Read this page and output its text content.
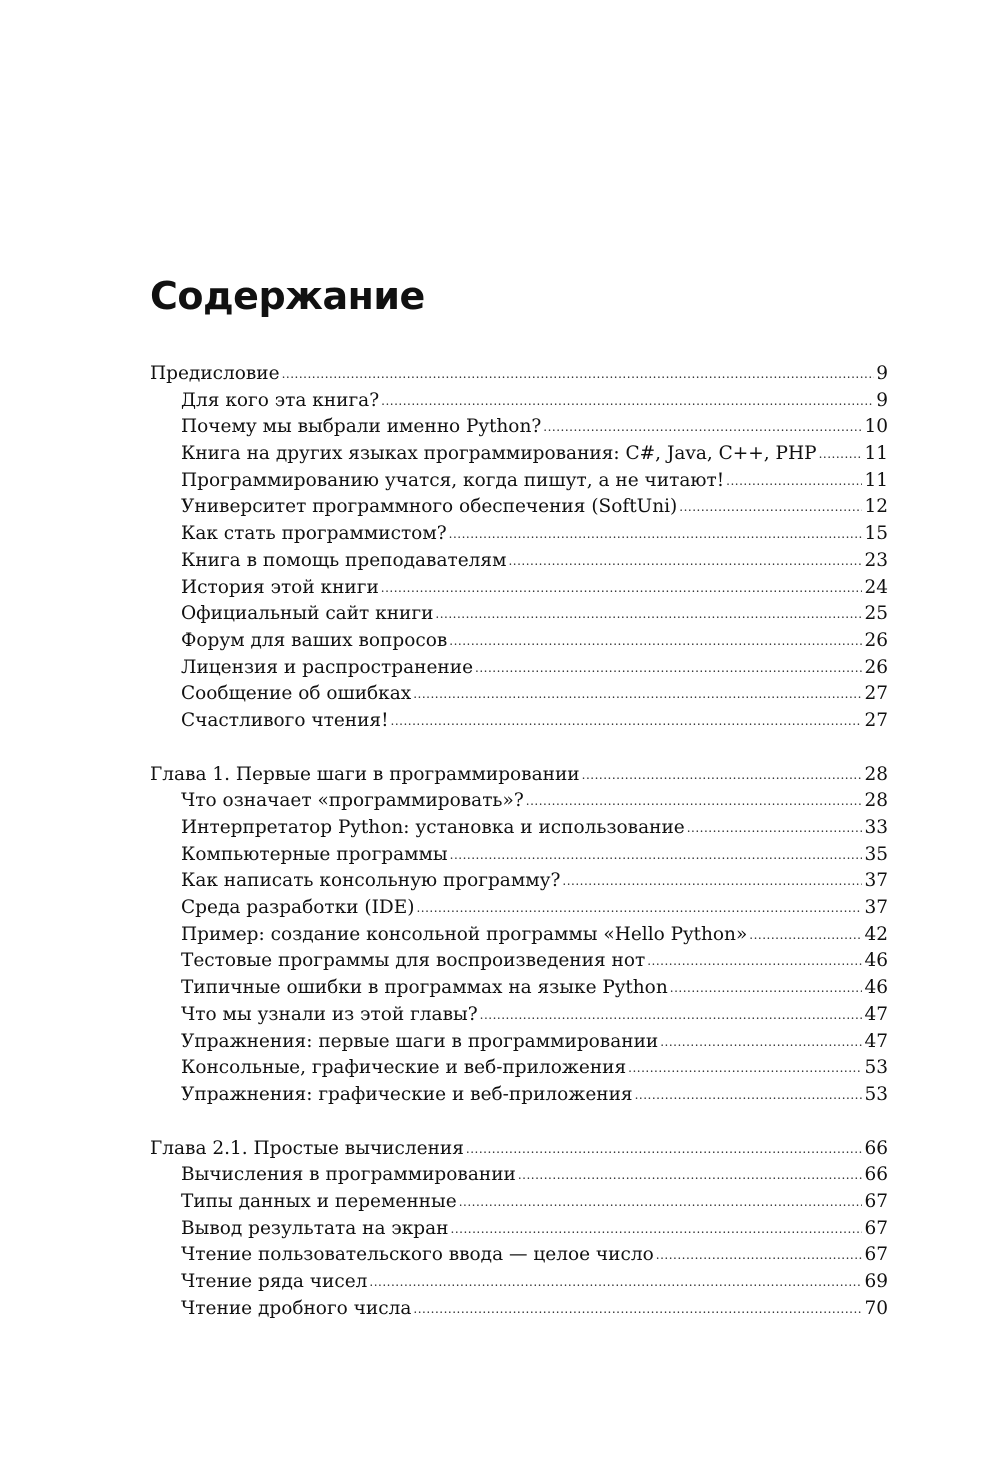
Содержание
Предисловие .....	9
Для кого эта книга? .....	9
Почему мы выбрали именно Python? .....	10
Книга на других языках программирования: C#, Java, C++, PHP .....	11
Программированию учатся, когда пишут, а не читают! .....	11
Университет программного обеспечения (SoftUni) .....	12
Как стать программистом? .....	15
Книга в помощь преподавателям .....	23
История этой книги .....	24
Официальный сайт книги .....	25
Форум для ваших вопросов .....	26
Лицензия и распространение .....	26
Сообщение об ошибках .....	27
Счастливого чтения! .....	27
Глава 1. Первые шаги в программировании .....	28
Что означает «программировать»? .....	28
Интерпретатор Python: установка и использование .....	33
Компьютерные программы .....	35
Как написать консольную программу? .....	37
Среда разработки (IDE) .....	37
Пример: создание консольной программы «Hello Python» .....	42
Тестовые программы для воспроизведения нот .....	46
Типичные ошибки в программах на языке Python .....	46
Что мы узнали из этой главы? .....	47
Упражнения: первые шаги в программировании .....	47
Консольные, графические и веб-приложения .....	53
Упражнения: графические и веб-приложения .....	53
Глава 2.1. Простые вычисления .....	66
Вычисления в программировании .....	66
Типы данных и переменные .....	67
Вывод результата на экран .....	67
Чтение пользовательского ввода — целое число .....	67
Чтение ряда чисел .....	69
Чтение дробного числа .....	70
